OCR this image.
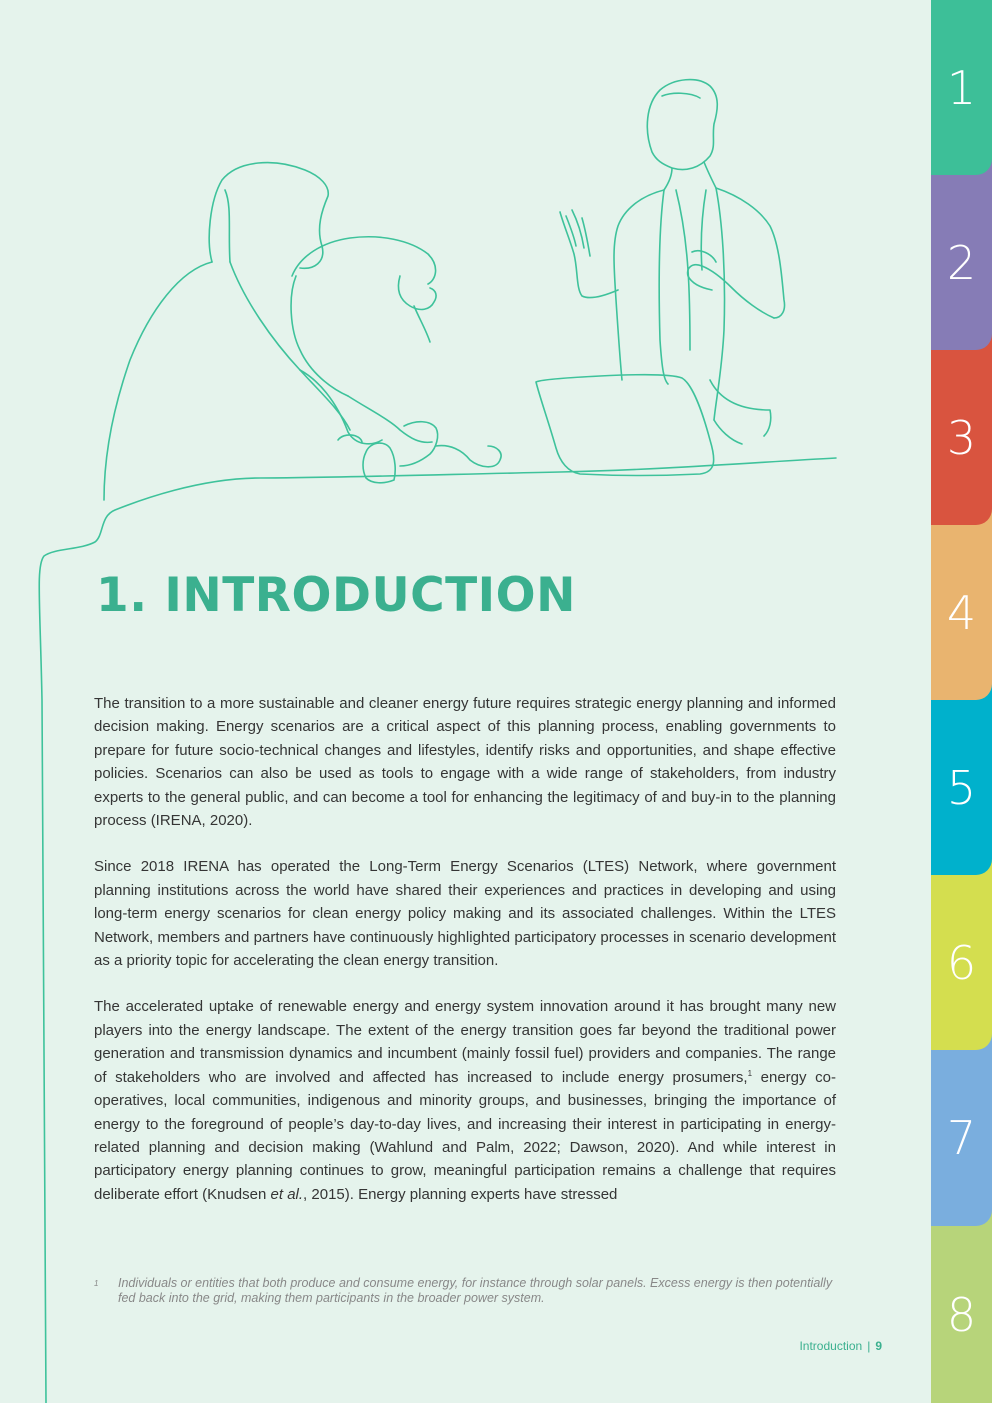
1. INTRODUCTION

The transition to a more sustainable and cleaner energy future requires strategic energy planning and informed decision making. Energy scenarios are a critical aspect of this planning process, enabling governments to prepare for future socio-technical changes and lifestyles, identify risks and opportunities, and shape effective policies. Scenarios can also be used as tools to engage with a wide range of stakeholders, from industry experts to the general public, and can become a tool for enhancing the legitimacy of and buy-in to the planning process (IRENA, 2020).

Since 2018 IRENA has operated the Long-Term Energy Scenarios (LTES) Network, where government planning institutions across the world have shared their experiences and practices in developing and using long-term energy scenarios for clean energy policy making and its associated challenges. Within the LTES Network, members and partners have continuously highlighted participatory processes in scenario development as a priority topic for accelerating the clean energy transition.

The accelerated uptake of renewable energy and energy system innovation around it has brought many new players into the energy landscape. The extent of the energy transition goes far beyond the traditional power generation and transmission dynamics and incumbent (mainly fossil fuel) providers and companies. The range of stakeholders who are involved and affected has increased to include energy prosumers,$^1$ energy co-operatives, local communities, indigenous and minority groups, and businesses, bringing the importance of energy to the foreground of people’s day-to-day lives, and increasing their interest in participating in energy-related planning and decision making (Wahlund and Palm, 2022; Dawson, 2020). And while interest in participatory energy planning continues to grow, meaningful participation remains a challenge that requires deliberate effort (Knudsen et al., 2015). Energy planning experts have stressed

1 Individuals or entities that both produce and consume energy, for instance through solar panels. Excess energy is then potentially fed back into the grid, making them participants in the broader power system.
Introduction | 9
1
2
3
4
5
6
7
8
